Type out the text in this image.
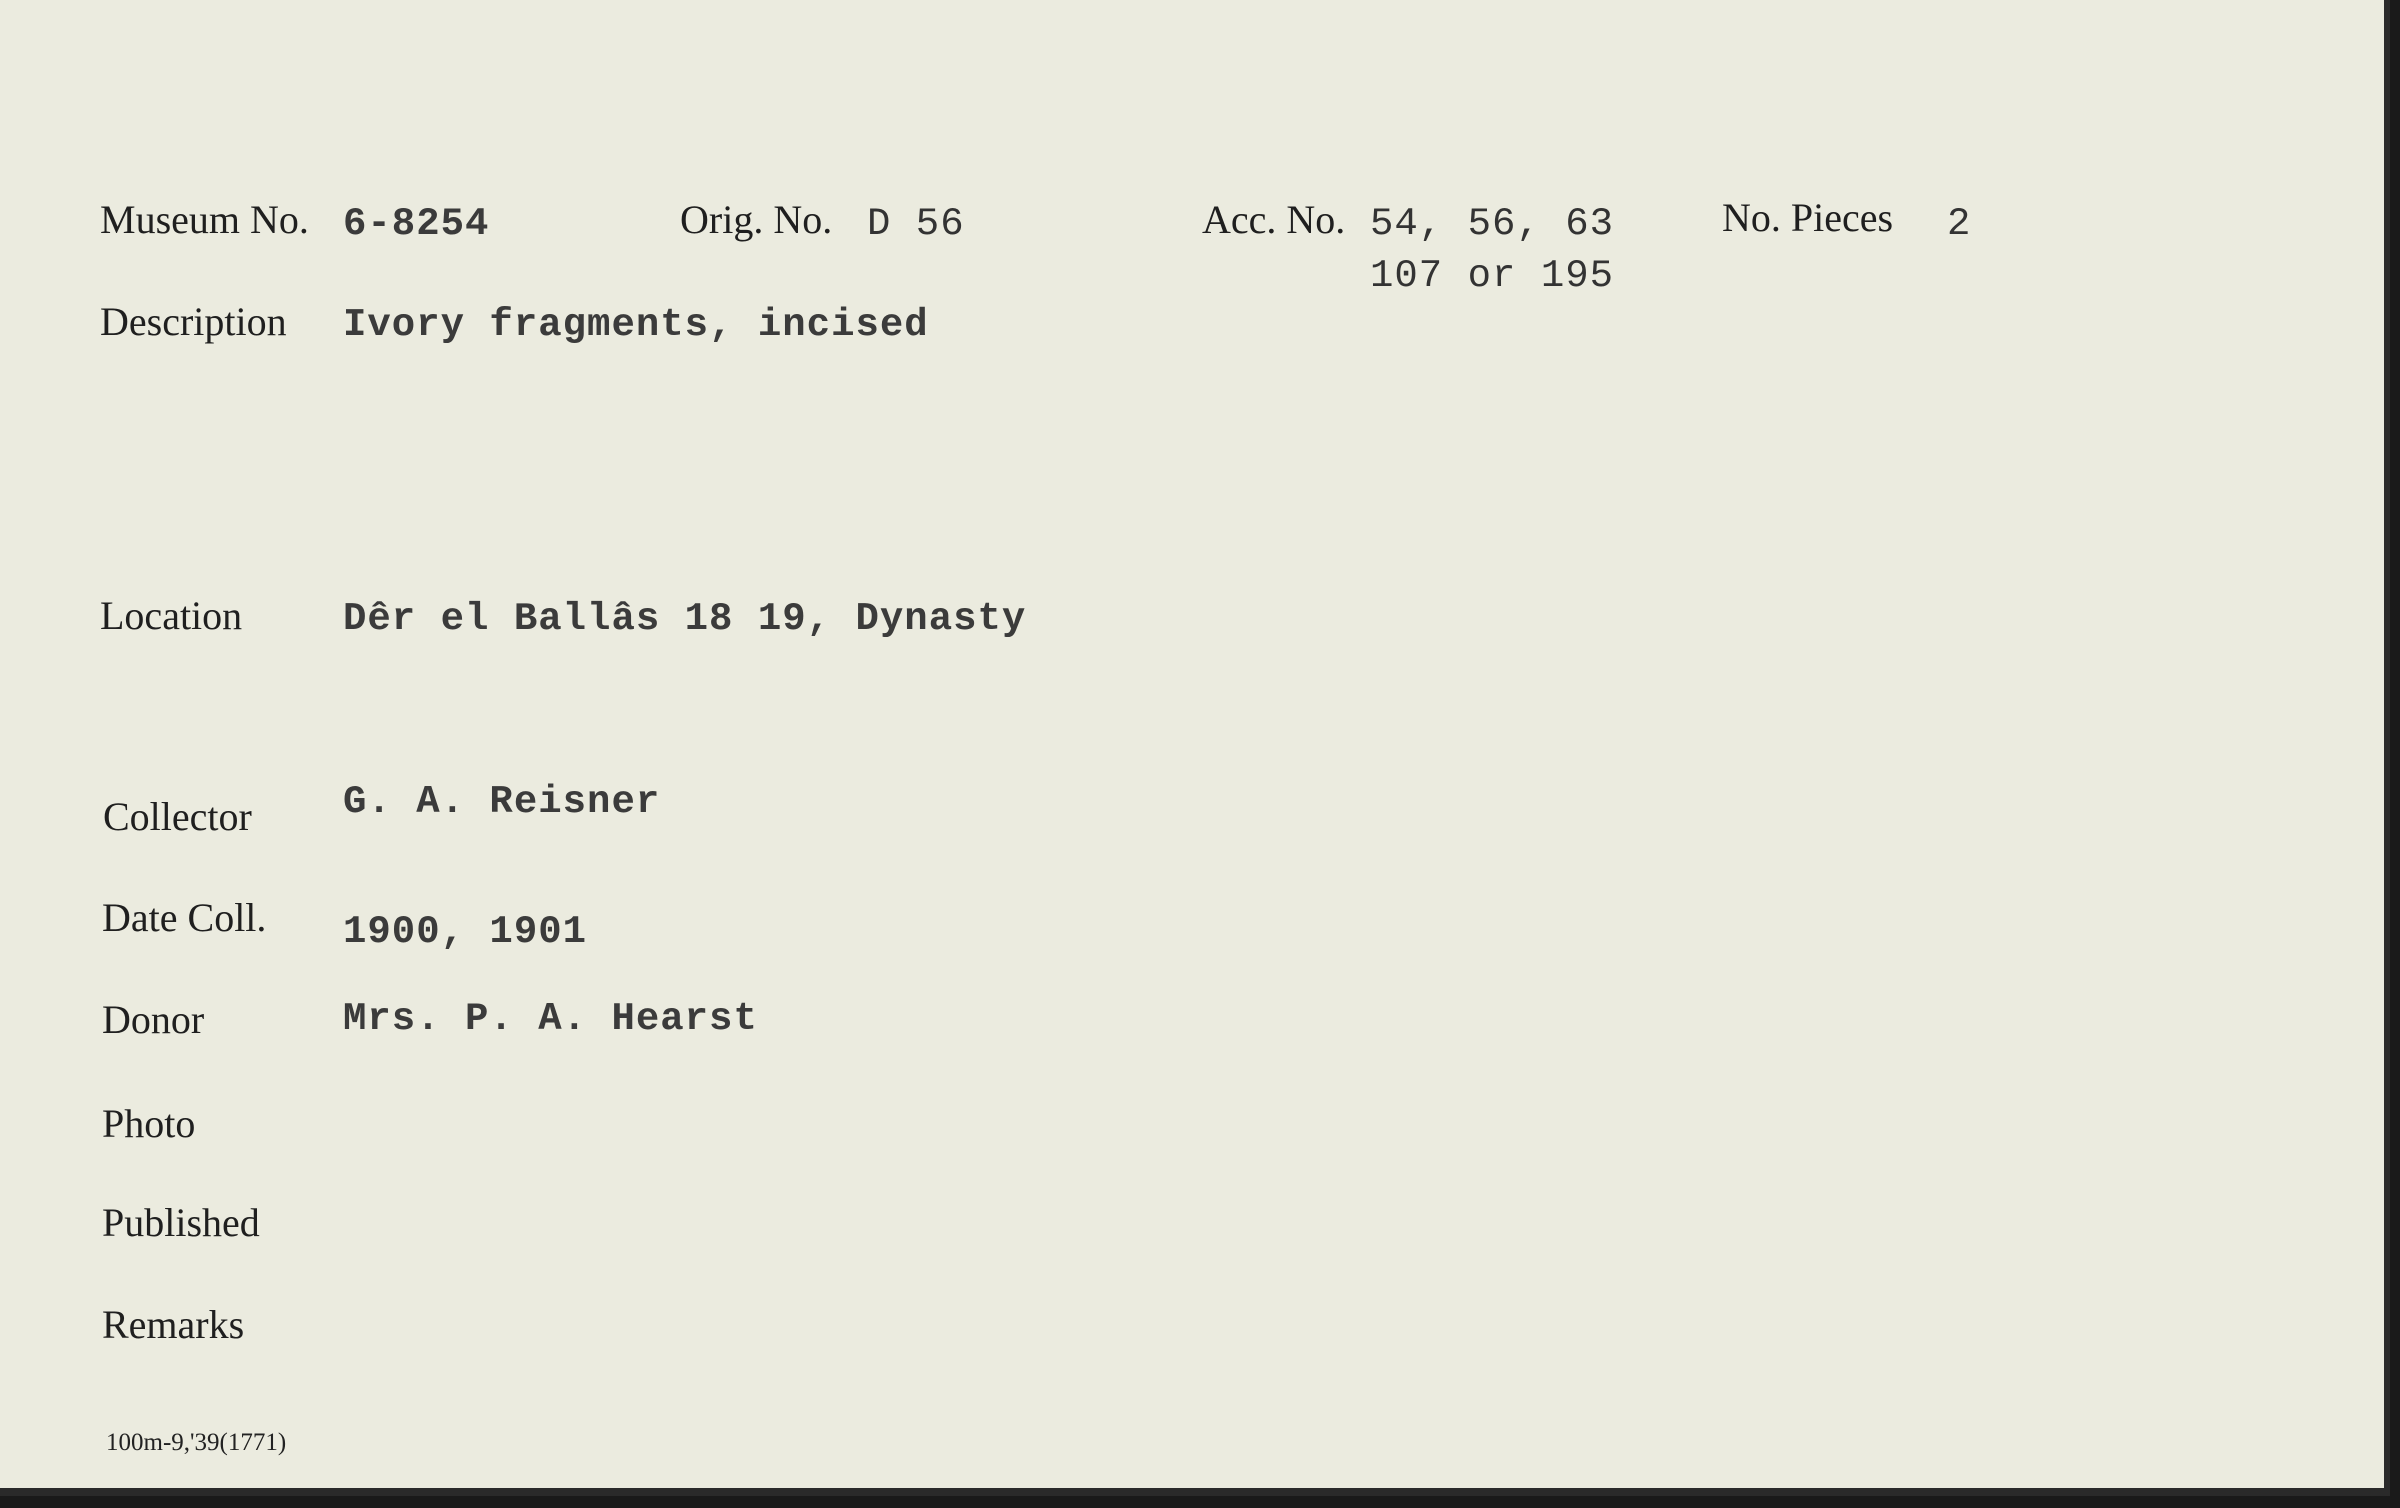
Museum No. 6-8254	Orig. No. D 56	Acc. No. 54, 56, 63
107 or 195
No. Pieces 2
Description Ivory fragments, incised
Location	Dêr el Ballâs 18 19, Dynasty
Collector G. A. Reisner
Date Coll. 1900, 1901
Donor	Mrs. P. A. Hearst
Photo
Published
Remarks
100m-9,'39(1771)
